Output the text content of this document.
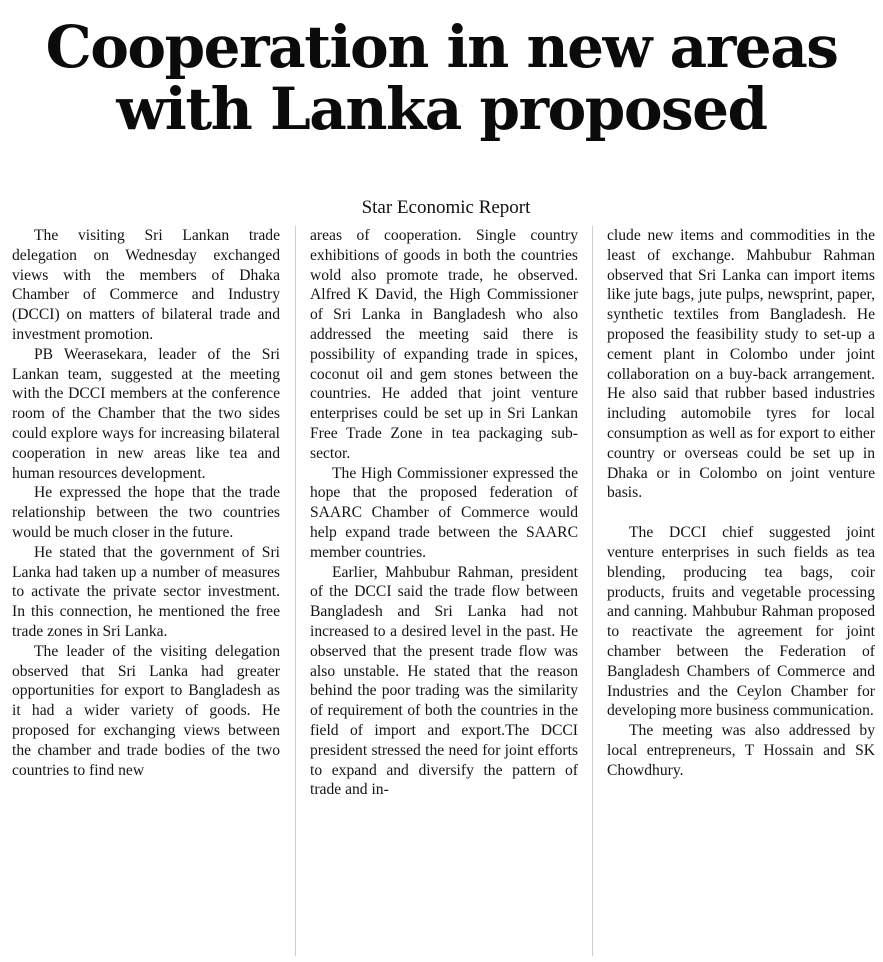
Cooperation in new areas
with Lanka proposed
Star Economic Report

The visiting Sri Lankan trade delegation on Wednesday exchanged views with the members of Dhaka Chamber of Commerce and Industry (DCCI) on matters of bilateral trade and investment promotion.

PB Weerasekara, leader of the Sri Lankan team, suggested at the meeting with the DCCI members at the conference room of the Chamber that the two sides could explore ways for increasing bilateral cooperation in new areas like tea and human resources development.

He expressed the hope that the trade relationship between the two countries would be much closer in the future.

He stated that the government of Sri Lanka had taken up a number of measures to activate the private sector investment. In this connection, he mentioned the free trade zones in Sri Lanka.

The leader of the visiting delegation observed that Sri Lanka had greater opportunities for export to Bangladesh as it had a wider variety of goods. He proposed for exchanging views between the chamber and trade bodies of the two countries to find new

areas of cooperation. Single country exhibitions of goods in both the countries wold also promote trade, he observed. Alfred K David, the High Commissioner of Sri Lanka in Bangladesh who also addressed the meeting said there is possibility of expanding trade in spices, coconut oil and gem stones between the countries. He added that joint venture enterprises could be set up in Sri Lankan Free Trade Zone in tea packaging sub-sector.

The High Commissioner expressed the hope that the proposed federation of SAARC Chamber of Commerce would help expand trade between the SAARC member countries.

Earlier, Mahbubur Rahman, president of the DCCI said the trade flow between Bangladesh and Sri Lanka had not increased to a desired level in the past. He observed that the present trade flow was also unstable. He stated that the reason behind the poor trading was the similarity of requirement of both the countries in the field of import and export.The DCCI president stressed the need for joint efforts to expand and diversify the pattern of trade and in-

clude new items and commodities in the least of exchange. Mahbubur Rahman observed that Sri Lanka can import items like jute bags, jute pulps, newsprint, paper, synthetic textiles from Bangladesh. He proposed the feasibility study to set-up a cement plant in Colombo under joint collaboration on a buy-back arrangement. He also said that rubber based industries including automobile tyres for local consumption as well as for export to either country or overseas could be set up in Dhaka or in Colombo on joint venture basis.

The DCCI chief suggested joint venture enterprises in such fields as tea blending, producing tea bags, coir products, fruits and vegetable processing and canning. Mahbubur Rahman proposed to reactivate the agreement for joint chamber between the Federation of Bangladesh Chambers of Commerce and Industries and the Ceylon Chamber for developing more business communication.

The meeting was also addressed by local entrepreneurs, T Hossain and SK Chowdhury.
